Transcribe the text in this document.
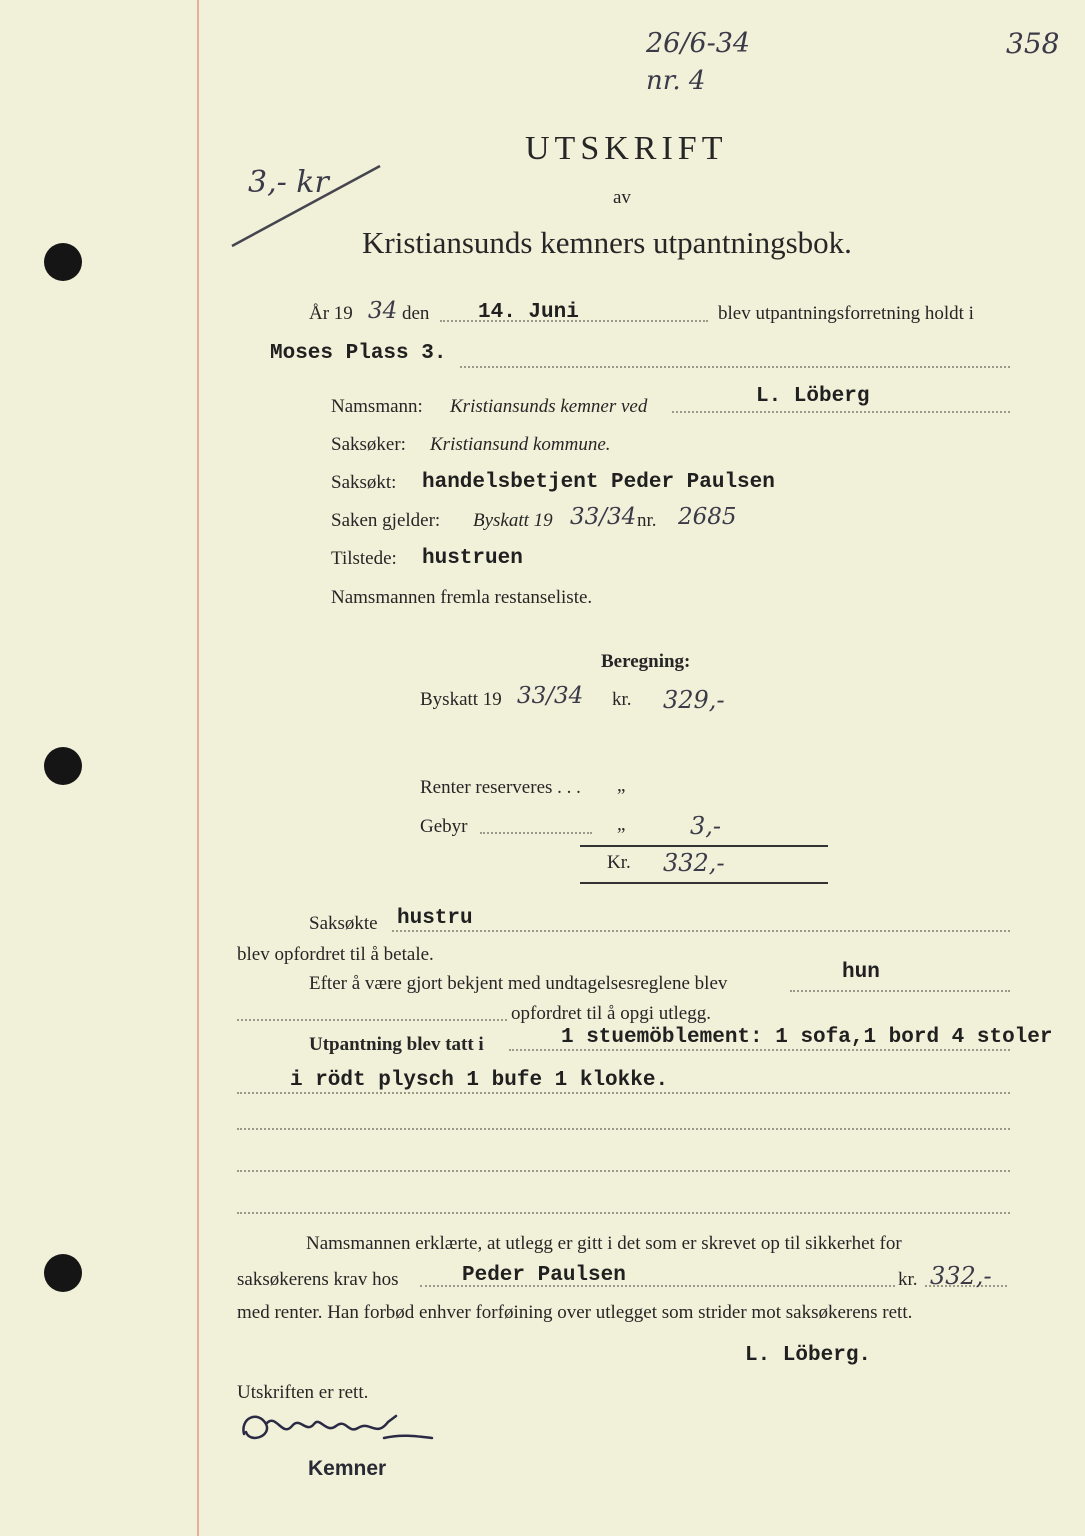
26/6-34
nr. 4
358
3,- kr
UTSKRIFT
av
Kristiansunds kemners utpantningsbok.
År 19 34 den 14. Juni	blev utpantningsforretning holdt i
Moses Plass 3.
Namsmann: Kristiansunds kemner ved	L. Löberg
Saksøker: Kristiansund kommune.
Saksøkt: handelsbetjent Peder Paulsen
Saken gjelder: Byskatt 19 33/34 nr. 2685
Tilstede: hustruen
Namsmannen fremla restanseliste.
Beregning:
Byskatt 19 33/34 kr. 329,-
Renter reserveres . . . „
Gebyr	„	3,-
Kr. 332,-
Saksøkte hustru
blev opfordret til å betale.
Efter å være gjort bekjent med undtagelsesreglene blev	hun
opfordret til å opgi utlegg.
Utpantning blev tatt i	1 stuemöblement: 1 sofa,1 bord 4 stoler
i rödt plysch 1 bufe 1 klokke.
Namsmannen erklærte, at utlegg er gitt i det som er skrevet op til sikkerhet for
saksøkerens krav hos	Peder Paulsen	kr. 332,-
med renter. Han forbød enhver forføining over utlegget som strider mot saksøkerens rett.
L. Löberg.
Utskriften er rett.
Kemner
